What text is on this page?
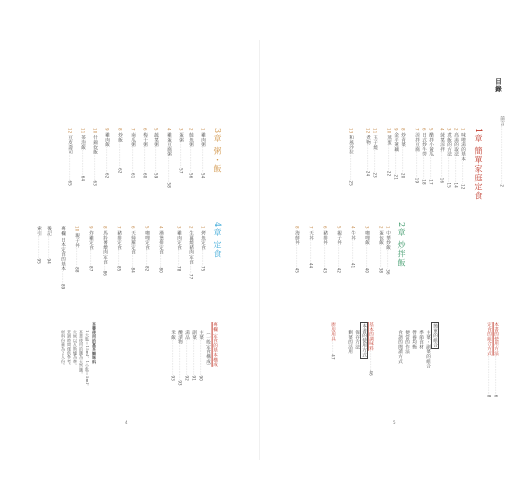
目錄
前言‥‥‥‥‥‥‥‥‥‥‥‥‥‥‥‥‥‥2
1章 簡單家庭定食
1 味噌湯的基本‥‥‥‥‥‥‥12
2 高湯的取法‥‥‥‥‥‥‥‥14
3 煮飯的方法‥‥‥‥‥‥‥‥15
4 菠菜涼拌‥‥‥‥‥‥‥‥16
5 醋拌小黃瓜‥‥‥‥‥‥‥17
6 日式炒牛蒡‥‥‥‥‥‥‥18
7 涼拌豆腐‥‥‥‥‥‥‥‥19
8 炒青菜‥‥‥‥‥‥‥‥20
9 金平蓮藕‥‥‥‥‥‥‥21
10 蒸蛋‥‥‥‥‥‥‥‥22
11 玉子燒‥‥‥‥‥‥‥23
12 煮物‥‥‥‥‥‥‥‥24
13 和風沙拉‥‥‥‥‥‥‥‥25
2章 炒拌飯
1 中華炒飯‥‥‥‥‥‥36
2 蛋包飯‥‥‥‥‥‥‥38
3 咖哩飯‥‥‥‥‥‥‥40
4 牛丼‥‥‥‥‥‥‥41
5 親子丼‥‥‥‥‥‥‥42
6 豬排丼‥‥‥‥‥‥‥43
7 天丼‥‥‥‥‥‥‥44
8 海鮮丼‥‥‥‥‥‥‥45
本書的使用方法‥‥‥‥‥‥‥‥‥‥‥‥6
定食的組合方式‥‥‥‥‥‥‥‥‥‥‥‥8
簡單的組合
主菜・副菜的組合
季節食材
營養均衡
便當的作法
食譜的閱讀方式
基本的調味料‥‥‥‥‥‥46
本書的使用方式
保存方法
剩菜的活用
廚房用具‥‥‥‥47
5
3章 粥・飯
1 雞肉粥‥‥‥‥‥‥‥‥54
2 鮭魚粥‥‥‥‥‥‥‥‥56
3 蛋粥‥‥‥‥‥‥‥‥57
4 雞蛋豆腐粥‥‥‥‥‥‥‥‥58
5 蔬菜粥‥‥‥‥‥‥‥‥59
6 梅干粥‥‥‥‥‥‥‥‥60
7 南瓜粥‥‥‥‥‥‥‥‥61
8 炒飯‥‥‥‥‥‥‥‥62
9 雞肉飯‥‥‥‥‥‥‥‥62
10 什錦炊飯‥‥‥‥‥‥‥‥63
11 茶泡飯‥‥‥‥‥‥‥‥64
12 豆皮壽司‥‥‥‥‥‥‥‥65
4章 定食
1 烤魚定食‥‥‥‥‥75
2 生薑燒豬肉定食‥‥‥77
3 雞肉定食‥‥‥‥‥78
4 漢堡排定食‥‥‥‥80
5 咖哩定食‥‥‥‥‥82
6 天婦羅定食‥‥‥‥84
7 豬排定食‥‥‥‥‥85
8 馬鈴薯燉肉定食‥‥86
9 炸雞定食‥‥‥‥‥87
10 親子丼‥‥‥‥‥‥88
專欄 日本定食的基本‥‥‥‥89
後記‥‥‥‥‥‥‥94
索引‥‥‥‥‥‥‥95
專欄 定食的基本構成
（一般定食構成）
主菜‥‥‥‥‥‥‥‥‥‥‥90
副菜‥‥‥‥‥‥‥‥‥‥‥91
湯品‥‥‥‥‥‥‥‥‥‥‥92
醃漬物‥‥‥‥‥‥‥‥‥‥‥93
米飯‥‥‥‥‥‥‥‥‥‥‥93
本書使用的基本調味料
1大匙＝15ml、1小匙＝5ml。
本書使用的鹽為天然鹽。
火候以瓦斯爐為準。
烹調時間僅供參考。
材料份量為２人份。
4
